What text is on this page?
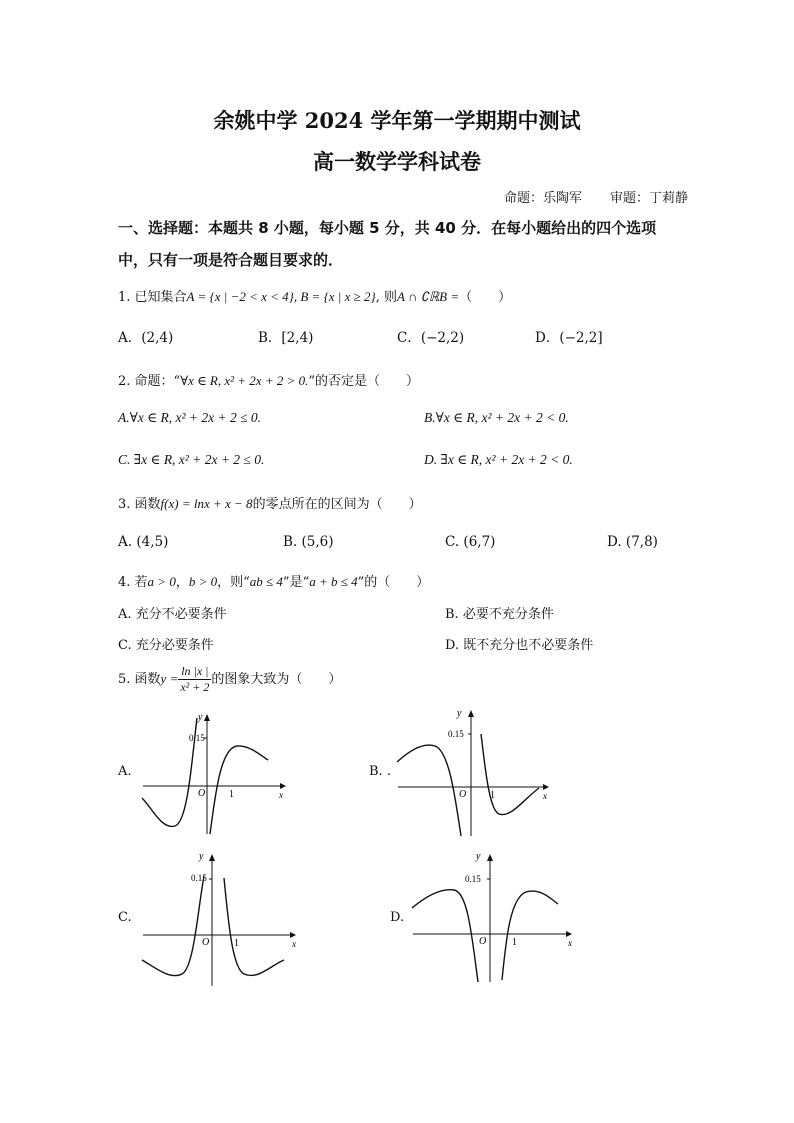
余姚中学 2024 学年第一学期期中测试
高一数学学科试卷
命题：乐陶军 审题：丁莉静
一、选择题：本题共 8 小题，每小题 5 分，共 40 分．在每小题给出的四个选项
中，只有一项是符合题目要求的．
1. 已知集合A = {x | −2 < x < 4}, B = {x | x ≥ 2}, 则A ∩ ∁ℝB =（　　）
A．(2,4)	B．[2,4)	C．(−2,2)	D．(−2,2]
2. 命题：“∀x ∈ R, x² + 2x + 2 > 0.”的否定是（　　）
A.∀x ∈ R, x² + 2x + 2 ≤ 0.	B.∀x ∈ R, x² + 2x + 2 < 0.
C. ∃x ∈ R, x² + 2x + 2 ≤ 0.	D. ∃x ∈ R, x² + 2x + 2 < 0.
3. 函数f(x) = lnx + x − 8的零点所在的区间为（　　）
A. (4,5)	B. (5,6)	C. (6,7)	D. (7,8)
4. 若a > 0，b > 0，则“ab ≤ 4”是“a + b ≤ 4”的（　　）
A. 充分不必要条件	B. 必要不充分条件
C. 充分必要条件	D. 既不充分也不必要条件
5. 函数$y = \frac{\ln |x |}{\text{x² + 2}}$ 的图象大致为（　　）
A.	B. .
C.	D.
y
0.15
O 1	x
y
0.15
O 1	x
y
0.15
O 1	x
y
0.15
O	1	x
